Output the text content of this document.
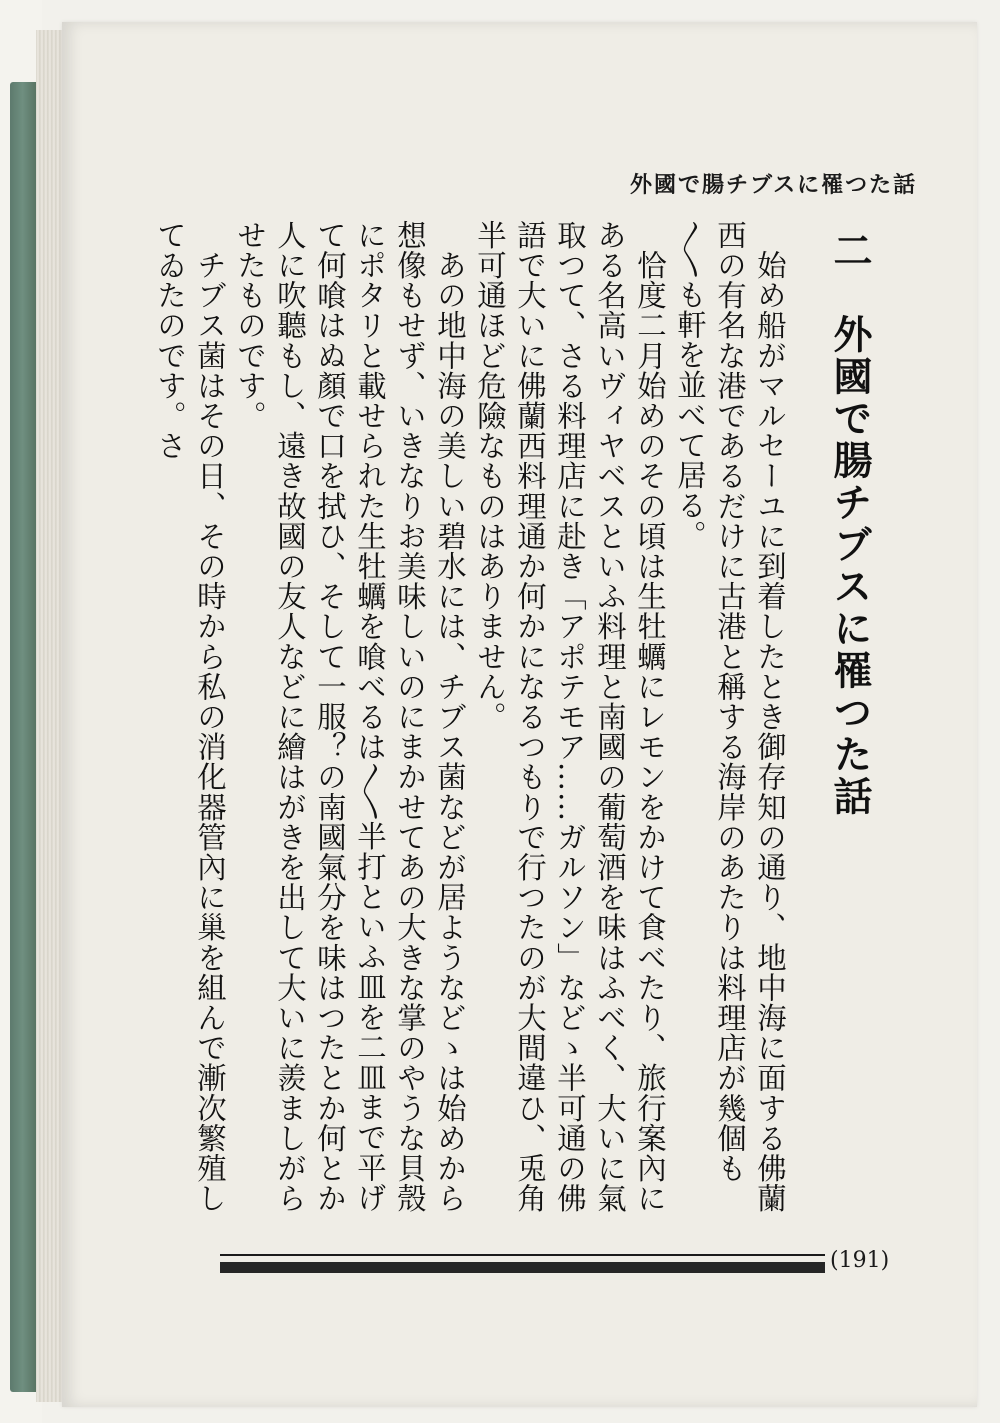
外國で腸チブスに罹つた話
二　外國で腸チブスに罹つた話

　始め船がマルセーユに到着したとき御存知の通り、地中海に面する佛蘭西の有名な港であるだけに古港と稱する海岸のあたりは料理店が幾個も〳〵も軒を並べて居る。

　恰度二月始めのその頃は生牡蠣にレモンをかけて食べたり、旅行案內にある名高いヴィヤベスといふ料理と南國の葡萄酒を味はふべく、大いに氣取つて、さる料理店に赴き「アポテモア……ガルソン」などゝ半可通の佛語で大いに佛蘭西料理通か何かになるつもりで行つたのが大間違ひ、兎角半可通ほど危險なものはありません。

　あの地中海の美しい碧水には、チブス菌などが居ようなどゝは始めから想像もせず、いきなりお美味しいのにまかせてあの大きな掌のやうな貝殼にポタリと載せられた生牡蠣を喰べるは〳〵半打といふ皿を二皿まで平げて何喰はぬ顏で口を拭ひ、そして一服？の南國氣分を味はつたとか何とか人に吹聽もし、遠き故國の友人などに繪はがきを出して大いに羨ましがらせたものです。

　チブス菌はその日、その時から私の消化器管內に巢を組んで漸次繁殖してゐたのです。さ

(191)
